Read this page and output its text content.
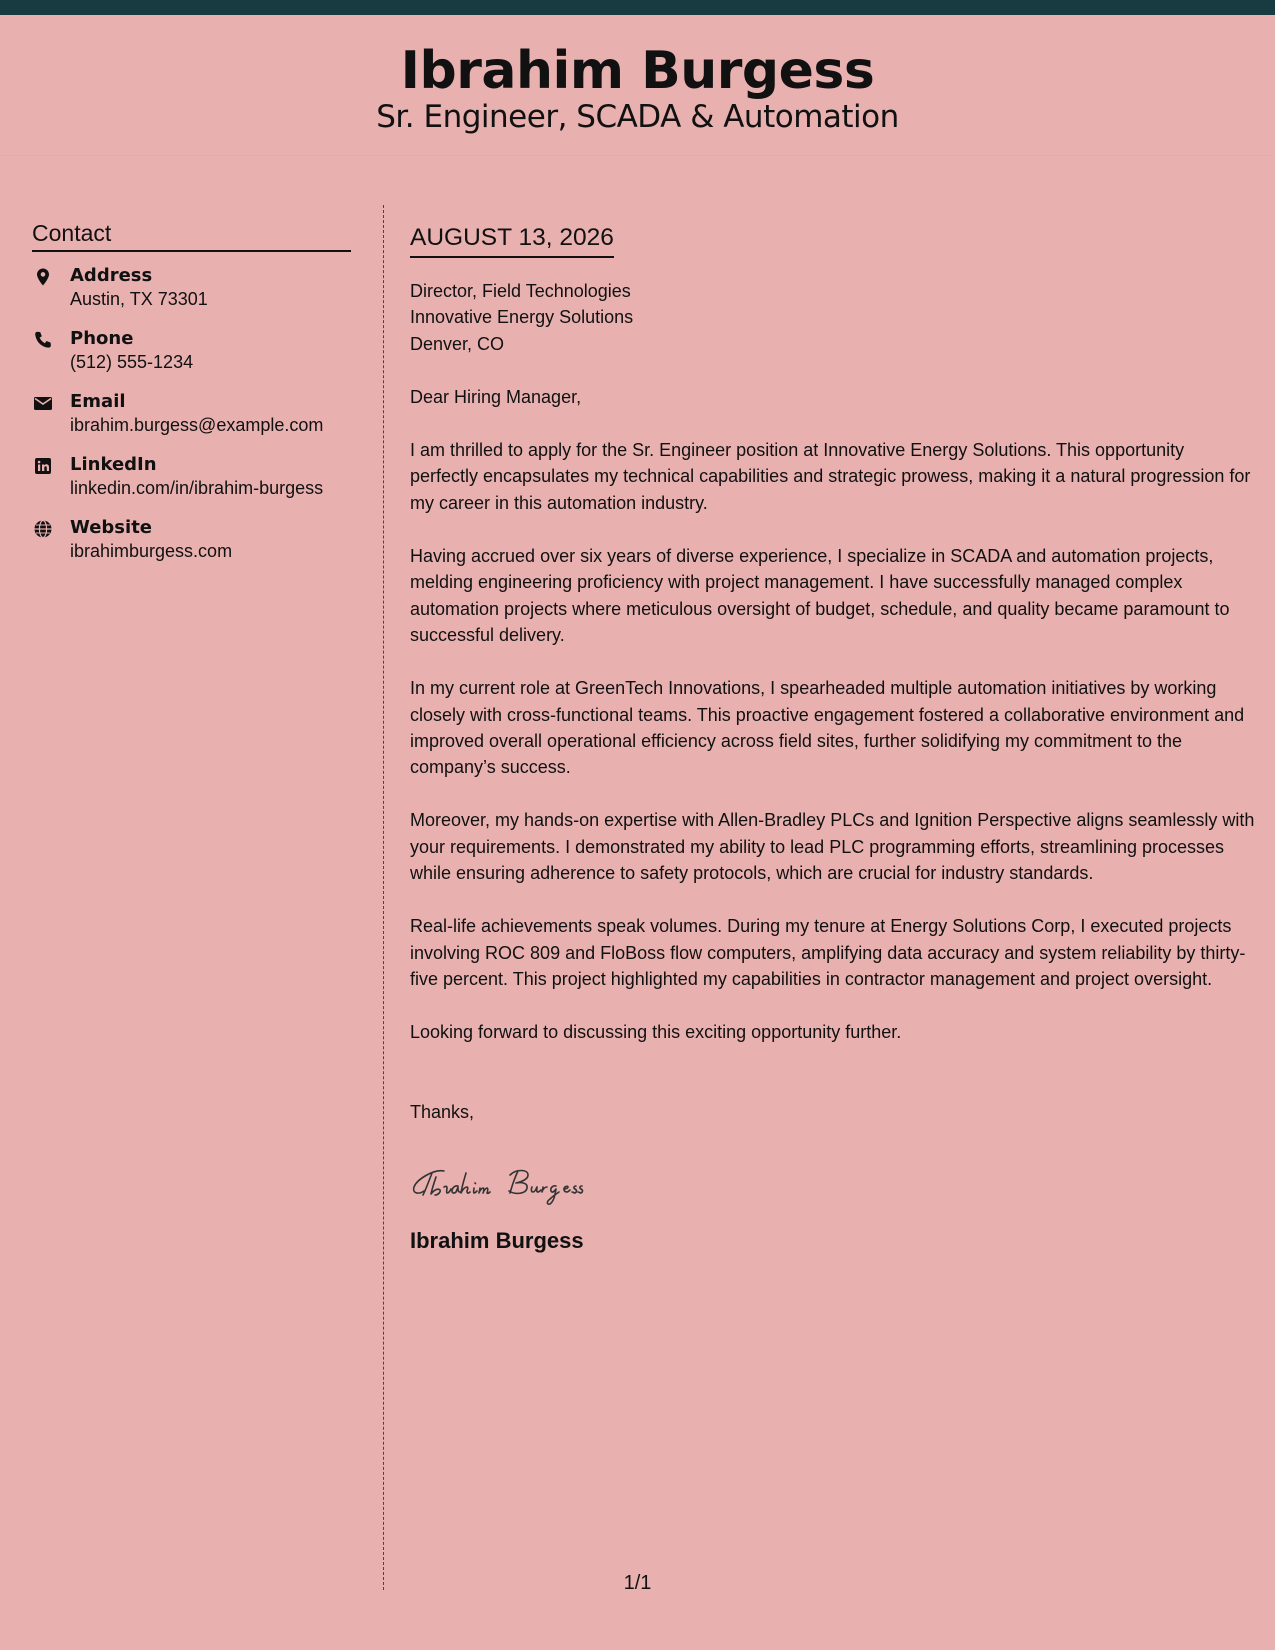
Ibrahim Burgess

Sr. Engineer, SCADA & Automation

Contact
Address
Austin, TX 73301
Phone
(512) 555-1234
Email
ibrahim.burgess@example.com
LinkedIn
linkedin.com/in/ibrahim-burgess
Website
ibrahimburgess.com
AUGUST 13, 2026
Director, Field Technologies
Innovative Energy Solutions
Denver, CO

Dear Hiring Manager,

I am thrilled to apply for the Sr. Engineer position at Innovative Energy Solutions. This opportunity perfectly encapsulates my technical capabilities and strategic prowess, making it a natural progression for my career in this automation industry.

Having accrued over six years of diverse experience, I specialize in SCADA and automation projects, melding engineering proficiency with project management. I have successfully managed complex automation projects where meticulous oversight of budget, schedule, and quality became paramount to successful delivery.

In my current role at GreenTech Innovations, I spearheaded multiple automation initiatives by working closely with cross-functional teams. This proactive engagement fostered a collaborative environment and improved overall operational efficiency across field sites, further solidifying my commitment to the company’s success.

Moreover, my hands-on expertise with Allen-Bradley PLCs and Ignition Perspective aligns seamlessly with your requirements. I demonstrated my ability to lead PLC programming efforts, streamlining processes while ensuring adherence to safety protocols, which are crucial for industry standards.

Real-life achievements speak volumes. During my tenure at Energy Solutions Corp, I executed projects involving ROC 809 and FloBoss flow computers, amplifying data accuracy and system reliability by thirty-five percent. This project highlighted my capabilities in contractor management and project oversight.

Looking forward to discussing this exciting opportunity further.

Thanks,
Ibrahim Burgess
1/1
